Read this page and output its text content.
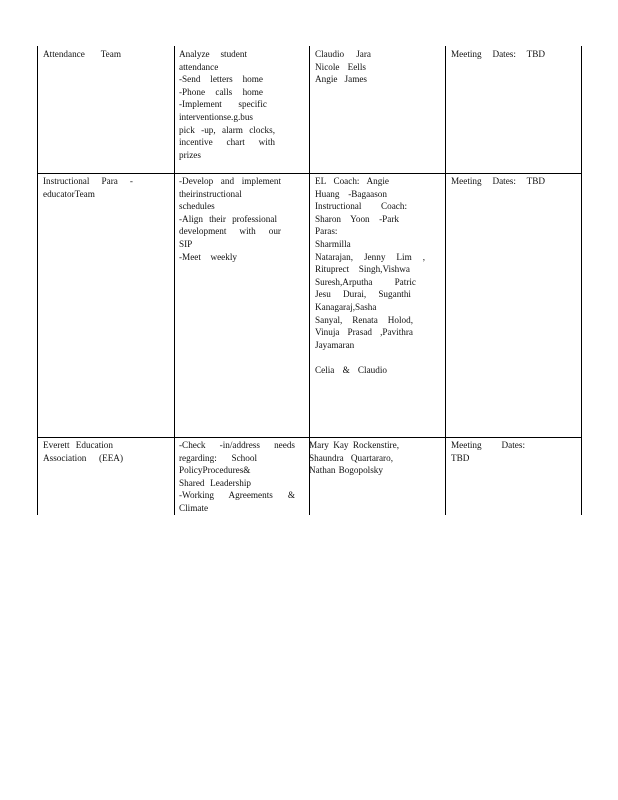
Attendance Team	Analyze student

attendance

-Send letters home

-Phone calls home

-Implement specific

interventionse.g.bus

pick -up, alarm clocks,

incentive chart with

prizes

Claudio Jara

Nicole Eells

Angie James

Meeting Dates: TBD

Instructional Para -

educatorTeam

-Develop and implement

theirinstructional

schedules

-Align their professional

development with our

SIP

-Meet weekly

EL Coach: Angie

Huang -Bagaason

Instructional Coach:

Sharon Yoon -Park

Paras: Sharmilla

Natarajan, Jenny Lim ,

Rituprect Singh,Vishwa

Suresh,Arputha Patric

Jesu Durai, Suganthi

Kanagaraj,Sasha

Sanyal, Renata Holod,

Vinuja Prasad ,Pavithra

Jayamaran

Celia & Claudio

Meeting Dates: TBD

Everett Education

Association (EEA)

-Check -in/address needs

regarding: School

PolicyProcedures&

Shared Leadership

-Working Agreements &

Climate

Mary Kay Rockenstire,

Shaundra Quartararo,

Nathan Bogopolsky

Meeting Dates:

TBD
